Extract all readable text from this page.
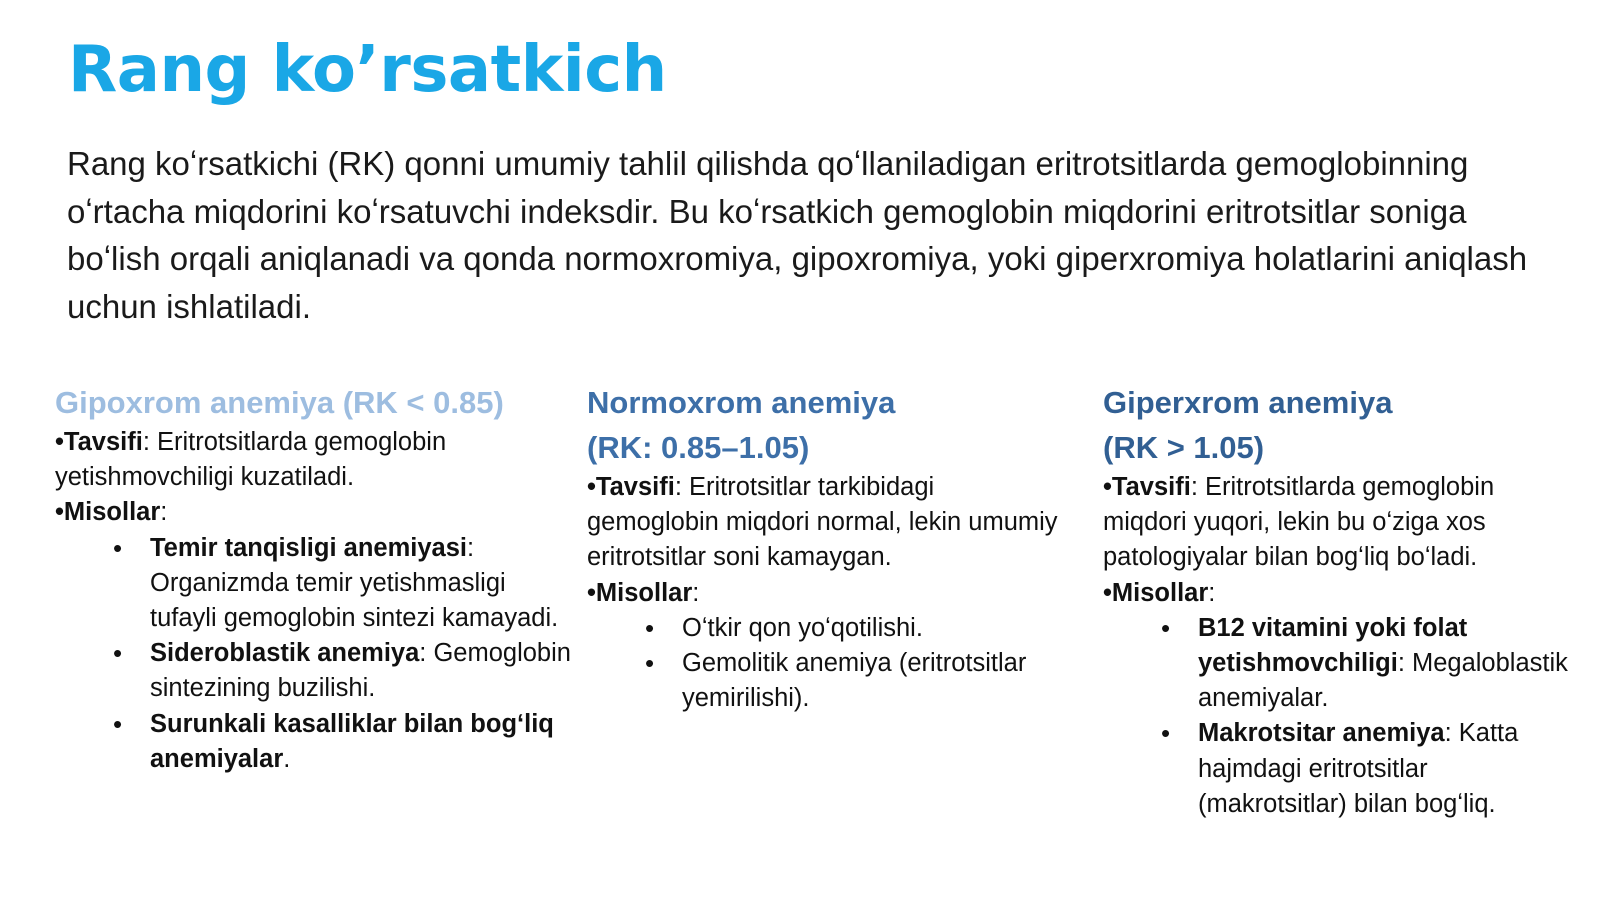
Rang ko’rsatkich

Rang koʻrsatkichi (RK) qonni umumiy tahlil qilishda qoʻllaniladigan eritrotsitlarda gemoglobinning oʻrtacha miqdorini koʻrsatuvchi indeksdir. Bu koʻrsatkich gemoglobin miqdorini eritrotsitlar soniga boʻlish orqali aniqlanadi va qonda normoxromiya, gipoxromiya, yoki giperxromiya holatlarini aniqlash uchun ishlatiladi.

Gipoxrom anemiya (RK < 0.85)

•Tavsifi: Eritrotsitlarda gemoglobin yetishmovchiligi kuzatiladi.

•Misollar:

• Temir tanqisligi anemiyasi: Organizmda temir yetishmasligi tufayli gemoglobin sintezi kamayadi.
• Sideroblastik anemiya: Gemoglobin sintezining buzilishi.
• Surunkali kasalliklar bilan bogʻliq anemiyalar.

Normoxrom anemiya
(RK: 0.85–1.05)

•Tavsifi: Eritrotsitlar tarkibidagi gemoglobin miqdori normal, lekin umumiy eritrotsitlar soni kamaygan.

•Misollar:

• Oʻtkir qon yoʻqotilishi.
• Gemolitik anemiya (eritrotsitlar yemirilishi).

Giperxrom anemiya
(RK > 1.05)

•Tavsifi: Eritrotsitlarda gemoglobin miqdori yuqori, lekin bu oʻziga xos patologiyalar bilan bogʻliq boʻladi.

•Misollar:

• B12 vitamini yoki folat yetishmovchiligi: Megaloblastik anemiyalar.
• Makrotsitar anemiya: Katta hajmdagi eritrotsitlar (makrotsitlar) bilan bogʻliq.
